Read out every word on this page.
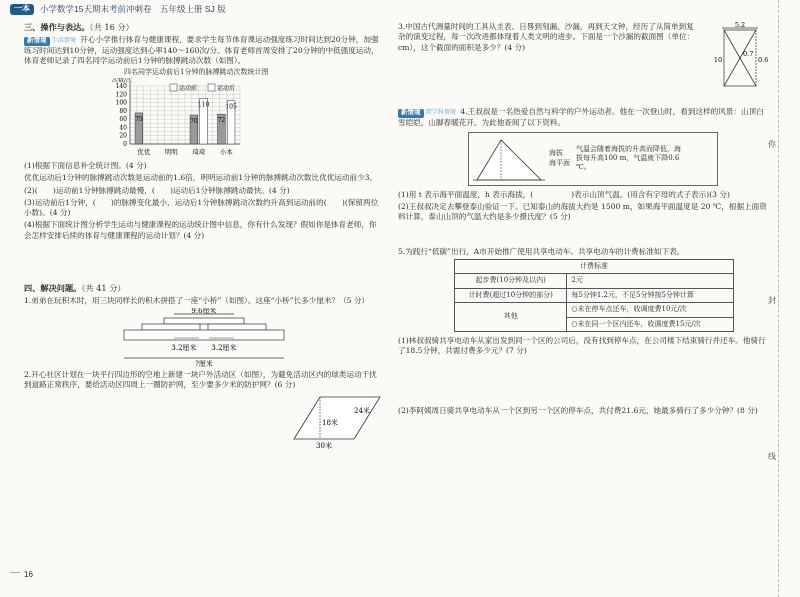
一本	小学数学15天期末考前冲刺卷　五年级上册 SJ 版
三、操作与表达。（共 16 分）

新情境 生活情境 开心小学推行体育与健康课程，要求学生每节体育课运动强度练习时间达到20分钟，加强练习时间达到10分钟，运动强度达到心率140～160次/分。体育老师首周安排了20分钟的中低强度运动，体育老师记录了四名同学运动前后1分钟的脉搏跳动次数（如图）。

四名同学运动前后1分钟的脉搏跳动次数统计图
0
20
40
60
80
100
120
140
次数/次
优优 明明 琦琦 小本
75	70
110
72
105
运动前	运动后

(1)根据下面信息补全统计图。(4 分)

优优运动后1分钟的脉搏跳动次数是运动前的1.6倍，明明运动前1分钟的脉搏跳动次数比优优运动前少3。

(2)(　　)运动前1分钟脉搏跳动最慢，(　　)运动后1分钟脉搏跳动最快。(4 分)

(3)运动前后1分钟，(　　)的脉搏变化最小，运动后1分钟脉搏跳动次数约升高到运动前的(　　)(保留两位小数)。(4 分)

(4)根据下面统计图分析学生运动与健康课程的运动统计图中信息，你有什么发现？假如你是体育老师，你会怎样安排后续的体育与健康课程的运动计划？(4 分)

四、解决问题。（共 41 分）

1.弟弟在玩积木时，用三块同样长的积木拼搭了一座“小桥”（如图）。这座“小桥”长多少厘米？（5 分）

9.6厘米
3.2厘米 3.2厘米
?厘米

2.开心社区计划在一块平行四边形的空地上新建一块户外活动区（如图），为避免活动区内的球类运动干扰到道路正常秩序，要给活动区四周上一圈防护网，至少要多少米的防护网？(6 分)

24米
18米
30米

3.中国古代测量时间的工具从圭表、日晷到刻漏、沙漏，再到天文钟，经历了从简单到复杂的演变过程，每一次改进都体现着人类文明的进步。下面是一个沙漏的截面图（单位：cm），这个截面的面积是多少？(4 分)

5.2
10
0.7
0.6

新情境 跨学科情境 4.王叔叔是一名热爱自然与科学的户外运动者。他在一次登山时，看到这样的风景：山顶白雪皑皑，山脚春暖花开。为此他查阅了以下资料。

海拔
海平面
气温会随着海拔的升高而降低，海拔每升高100 m，气温就下降0.6 ℃。

(1)用 t 表示海平面温度，h 表示海拔，(　　　　　)表示山顶气温。(用含有字母的式子表示)(3 分)

(2)王叔叔决定去攀登泰山验证一下。已知泰山的海拔大约是 1500 m，如果海平面温度是 20 ℃，根据上面资料计算，泰山山顶的气温大约是多少摄氏度？(5 分)

5.为践行“低碳”出行，A市开始推广使用共享电动车。共享电动车的计费标准如下表。

计费标准	
起步费(10分钟及以内)	2元
计时费(超过10分钟的部分)	每5分钟1.2元，不足5分钟按5分钟计算
其他	○未在停车点还车，收调度费10元/次
	○未在同一个区内还车，收调度费15元/次

(1)林叔叔骑共享电动车从家出发到同一个区的公司后，没有找到停车点，在公司楼下结束骑行并还车。他骑行了18.5分钟，共需付费多少元？(7 分)

(2)李阿姨周日骑共享电动车从一个区到另一个区的停车点，共付费21.6元，她最多骑行了多少分钟？(8 分)

你
封
线
16
